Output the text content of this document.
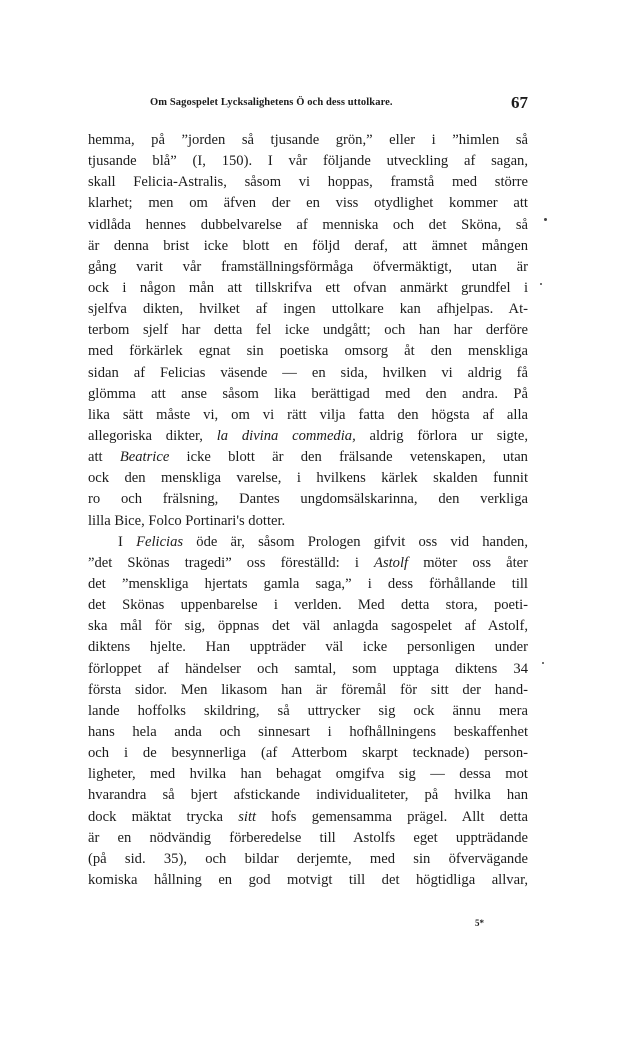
Om Sagospelet Lycksalighetens Ö och dess uttolkare.	67
hemma, på ”jorden så tjusande grön,” eller i ”himlen så
tjusande blå” (I, 150). I vår följande utveckling af sagan,
skall Felicia-Astralis, såsom vi hoppas, framstå med större
klarhet; men om äfven der en viss otydlighet kommer att
vidlåda hennes dubbelvarelse af menniska och det Sköna, så
är denna brist icke blott en följd deraf, att ämnet mången
gång varit vår framställningsförmåga öfvermäktigt, utan är
ock i någon mån att tillskrifva ett ofvan anmärkt grundfel i
sjelfva dikten, hvilket af ingen uttolkare kan afhjelpas. At-
terbom sjelf har detta fel icke undgått; och han har derföre
med förkärlek egnat sin poetiska omsorg åt den menskliga
sidan af Felicias väsende — en sida, hvilken vi aldrig få
glömma att anse såsom lika berättigad med den andra. På
lika sätt måste vi, om vi rätt vilja fatta den högsta af alla
allegoriska dikter, la divina commedia, aldrig förlora ur sigte,
att Beatrice icke blott är den frälsande vetenskapen, utan
ock den menskliga varelse, i hvilkens kärlek skalden funnit
ro och frälsning, Dantes ungdomsälskarinna, den verkliga
lilla Bice, Folco Portinari's dotter.
I Felicias öde är, såsom Prologen gifvit oss vid handen,
”det Skönas tragedi” oss föreställd: i Astolf möter oss åter
det ”menskliga hjertats gamla saga,” i dess förhållande till
det Skönas uppenbarelse i verlden. Med detta stora, poeti-
ska mål för sig, öppnas det väl anlagda sagospelet af Astolf,
diktens hjelte. Han uppträder väl icke personligen under
förloppet af händelser och samtal, som upptaga diktens 34
första sidor. Men likasom han är föremål för sitt der hand-
lande hoffolks skildring, så uttrycker sig ock ännu mera
hans hela anda och sinnesart i hofhållningens beskaffenhet
och i de besynnerliga (af Atterbom skarpt tecknade) person-
ligheter, med hvilka han behagat omgifva sig — dessa mot
hvarandra så bjert afstickande individualiteter, på hvilka han
dock mäktat trycka sitt hofs gemensamma prägel. Allt detta
är en nödvändig förberedelse till Astolfs eget uppträdande
(på sid. 35), och bildar derjemte, med sin öfvervägande
komiska hållning en god motvigt till det högtidliga allvar,
5*
